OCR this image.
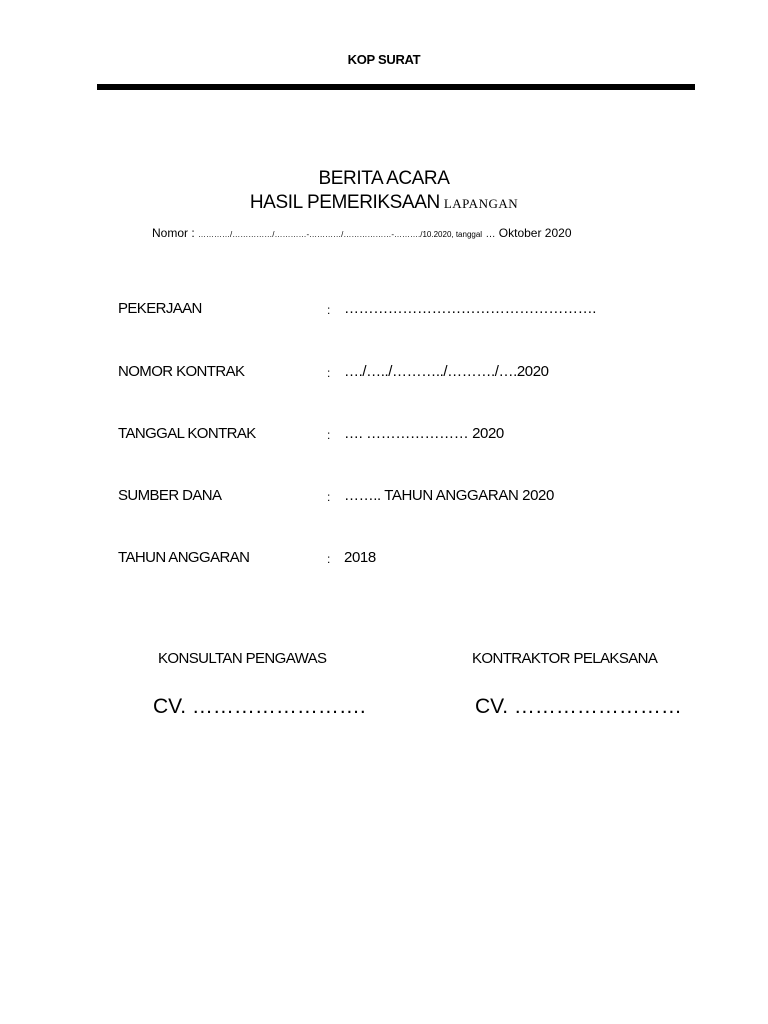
KOP SURAT
BERITA ACARA
HASIL PEMERIKSAAN LAPANGAN
Nomor : …………/……………/…………-…………/………………-………./10.2020, tanggal … Oktober 2020
PEKERJAAN	: …………………………………………….
NOMOR KONTRAK	: …./…../………../………./….2020
TANGGAL KONTRAK	: …. ………………… 2020
SUMBER DANA	: …….. TAHUN ANGGARAN 2020
TAHUN ANGGARAN	: 2018
KONSULTAN PENGAWAS	KONTRAKTOR PELAKSANA
CV. …………………….	CV. ……………………
